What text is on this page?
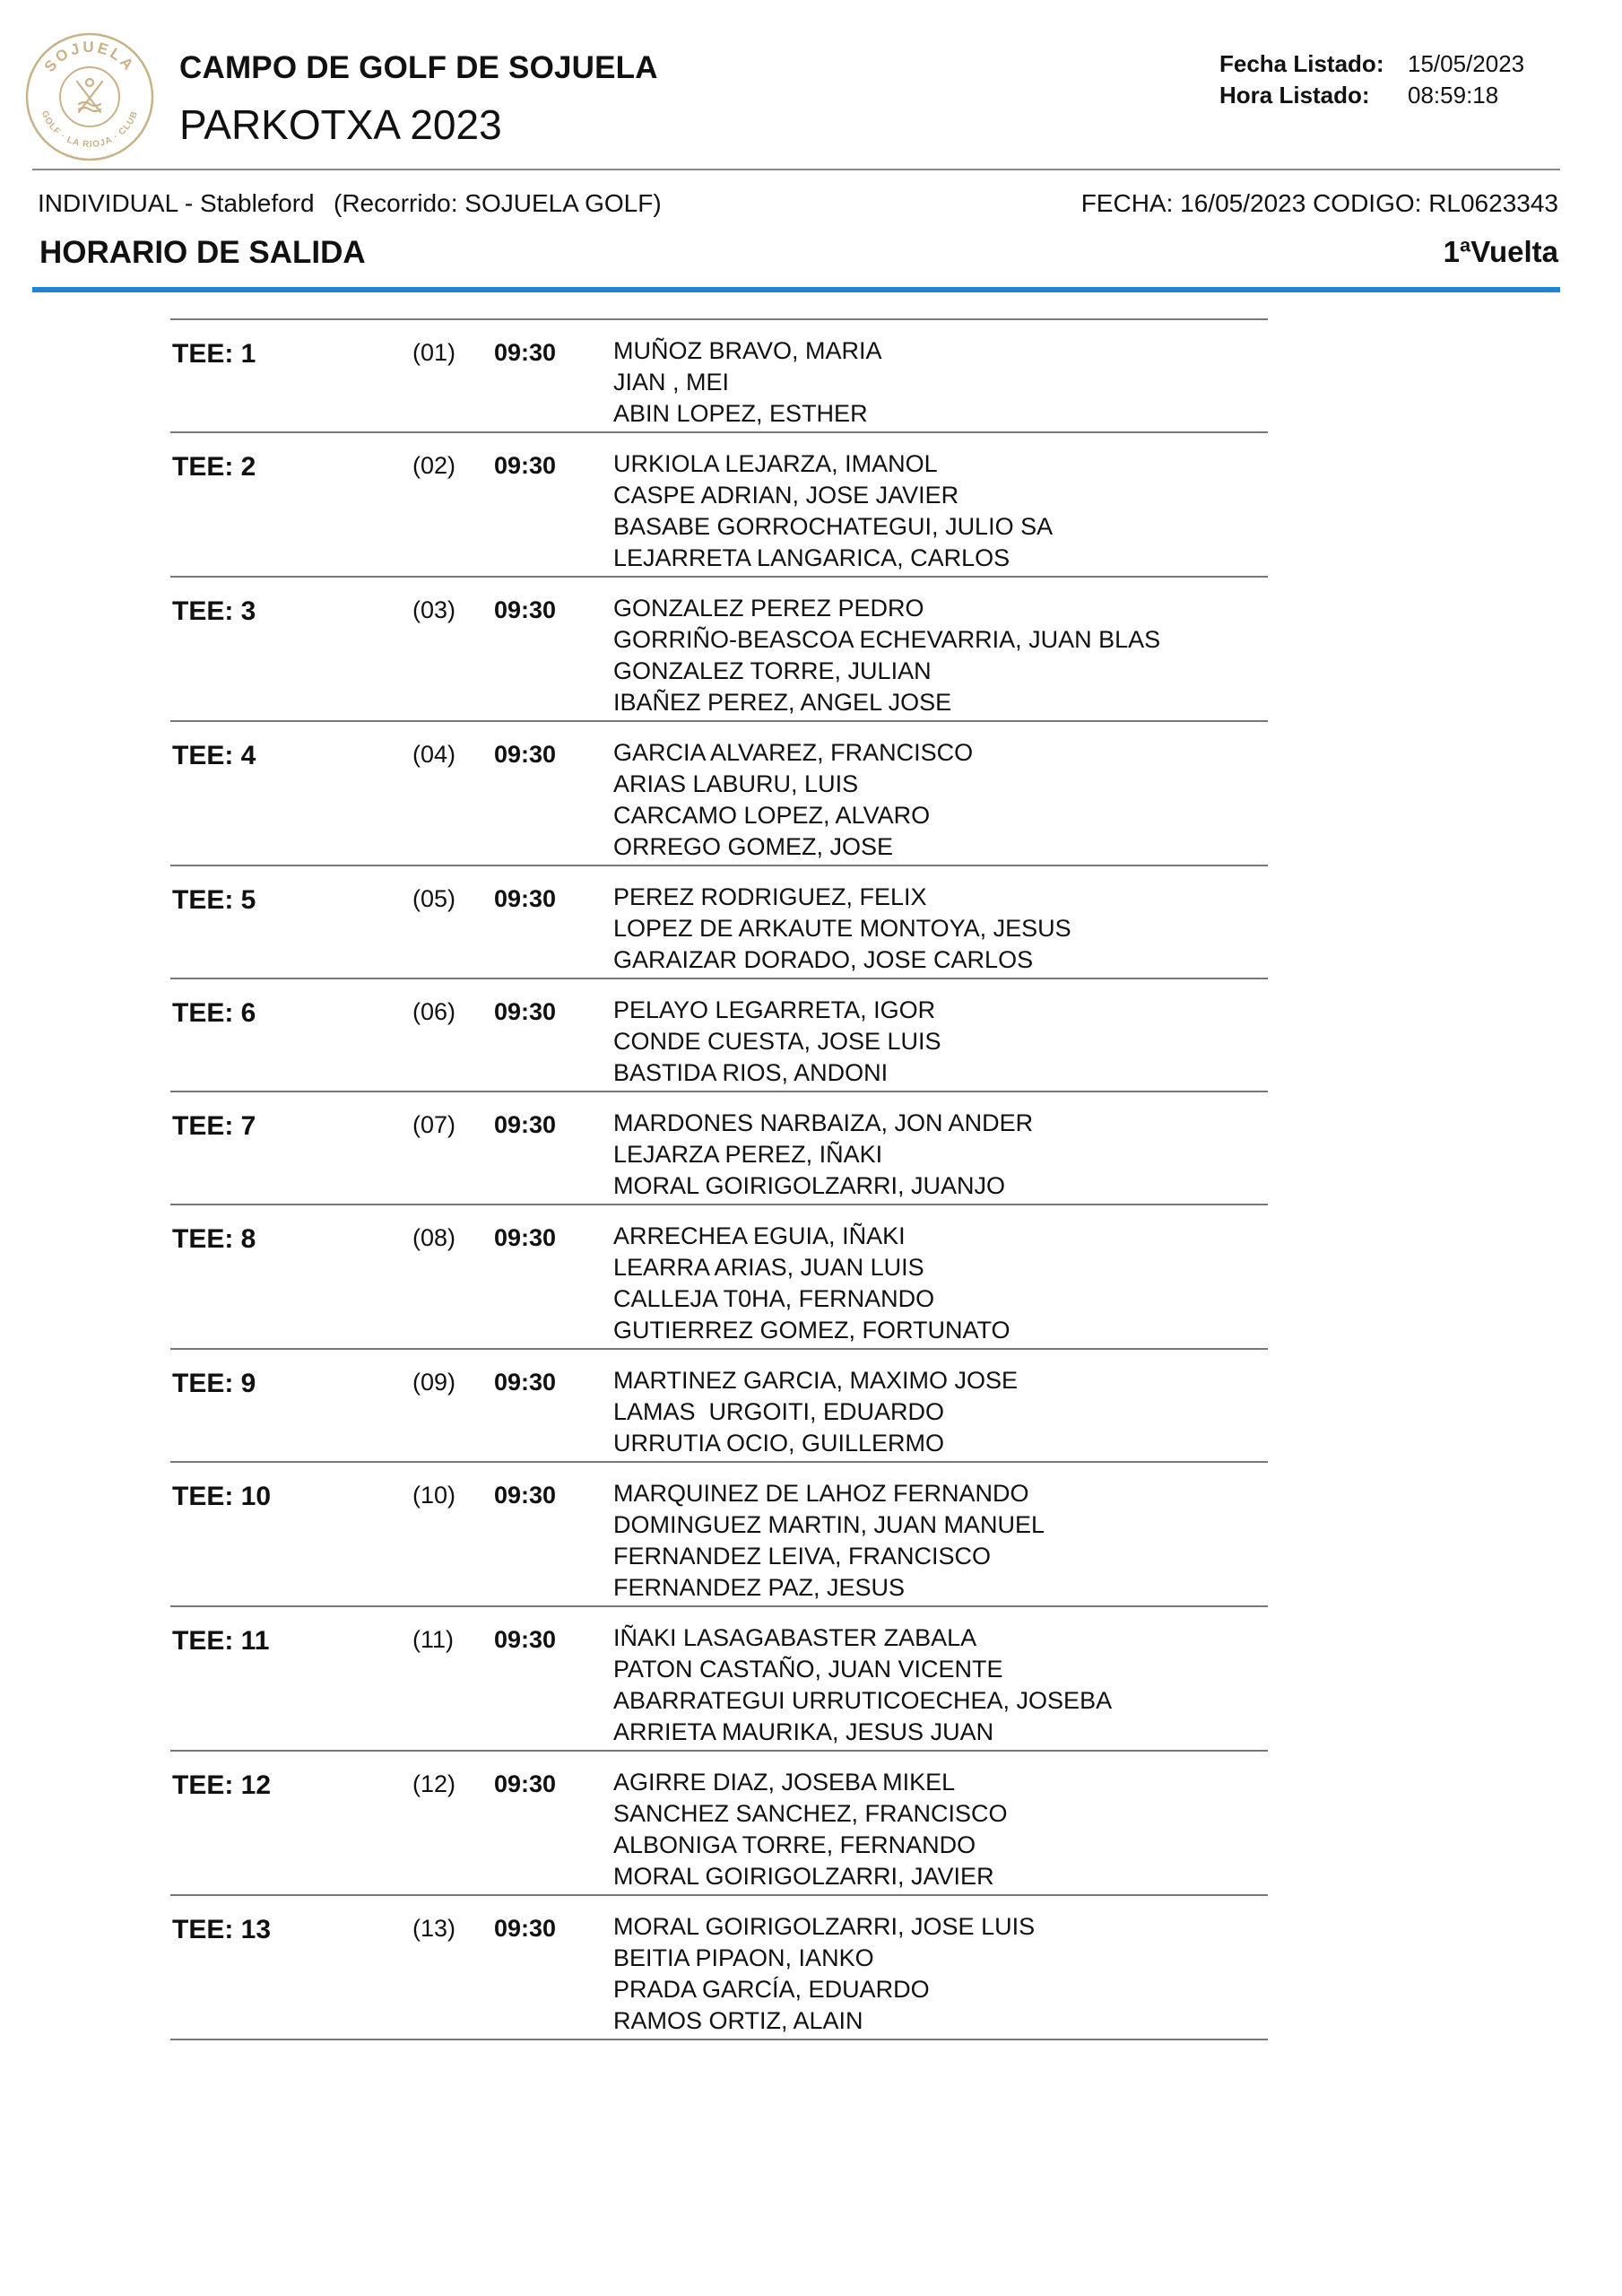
SOJUELA
GOLF · LA RIOJA · CLUB
CAMPO DE GOLF DE SOJUELA
PARKOTXA 2023
Fecha Listado:	15/05/2023
Hora Listado:	08:59:18
INDIVIDUAL - Stableford (Recorrido: SOJUELA GOLF)	FECHA: 16/05/2023 CODIGO: RL0623343
HORARIO DE SALIDA	1ªVuelta
TEE: 1	(01) 09:30 MUÑOZ BRAVO, MARIA
JIAN , MEI
ABIN LOPEZ, ESTHER
TEE: 2	(02) 09:30 URKIOLA LEJARZA, IMANOL
CASPE ADRIAN, JOSE JAVIER
BASABE GORROCHATEGUI, JULIO SA
LEJARRETA LANGARICA, CARLOS
TEE: 3	(03) 09:30 GONZALEZ PEREZ PEDRO
GORRIÑO-BEASCOA ECHEVARRIA, JUAN BLAS
GONZALEZ TORRE, JULIAN
IBAÑEZ PEREZ, ANGEL JOSE
TEE: 4	(04) 09:30 GARCIA ALVAREZ, FRANCISCO
ARIAS LABURU, LUIS
CARCAMO LOPEZ, ALVARO
ORREGO GOMEZ, JOSE
TEE: 5	(05) 09:30 PEREZ RODRIGUEZ, FELIX
LOPEZ DE ARKAUTE MONTOYA, JESUS
GARAIZAR DORADO, JOSE CARLOS
TEE: 6	(06) 09:30 PELAYO LEGARRETA, IGOR
CONDE CUESTA, JOSE LUIS
BASTIDA RIOS, ANDONI
TEE: 7	(07) 09:30 MARDONES NARBAIZA, JON ANDER
LEJARZA PEREZ, IÑAKI
MORAL GOIRIGOLZARRI, JUANJO
TEE: 8	(08) 09:30 ARRECHEA EGUIA, IÑAKI
LEARRA ARIAS, JUAN LUIS
CALLEJA T0HA, FERNANDO
GUTIERREZ GOMEZ, FORTUNATO
TEE: 9	(09) 09:30 MARTINEZ GARCIA, MAXIMO JOSE
LAMAS  URGOITI, EDUARDO
URRUTIA OCIO, GUILLERMO
TEE: 10	(10) 09:30 MARQUINEZ DE LAHOZ FERNANDO
DOMINGUEZ MARTIN, JUAN MANUEL
FERNANDEZ LEIVA, FRANCISCO
FERNANDEZ PAZ, JESUS
TEE: 11	(11) 09:30 IÑAKI LASAGABASTER ZABALA
PATON CASTAÑO, JUAN VICENTE
ABARRATEGUI URRUTICOECHEA, JOSEBA
ARRIETA MAURIKA, JESUS JUAN
TEE: 12	(12) 09:30 AGIRRE DIAZ, JOSEBA MIKEL
SANCHEZ SANCHEZ, FRANCISCO
ALBONIGA TORRE, FERNANDO
MORAL GOIRIGOLZARRI, JAVIER
TEE: 13	(13) 09:30 MORAL GOIRIGOLZARRI, JOSE LUIS
BEITIA PIPAON, IANKO
PRADA GARCÍA, EDUARDO
RAMOS ORTIZ, ALAIN
